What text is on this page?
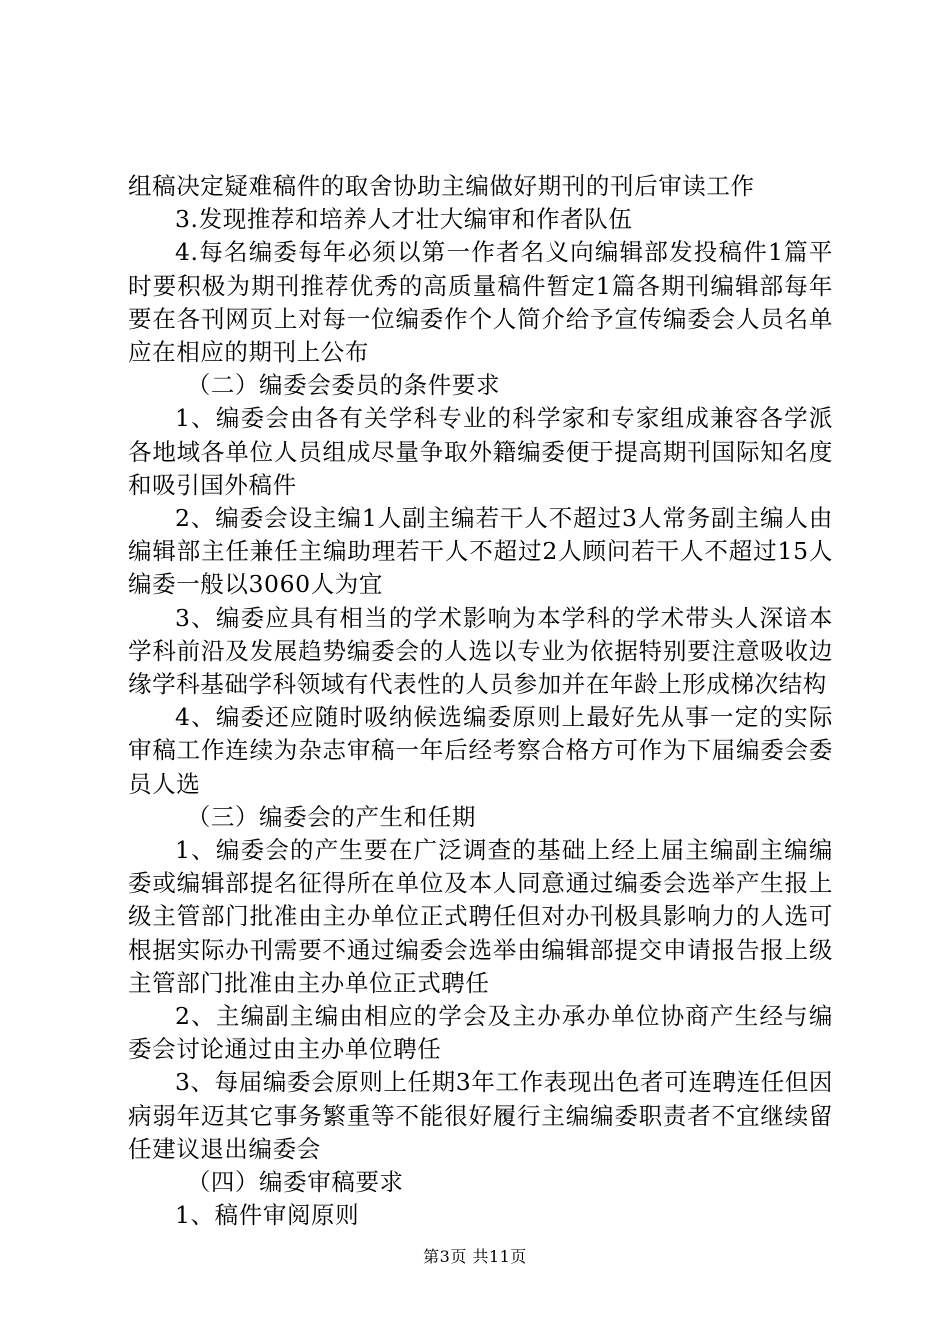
组稿决定疑难稿件的取舍协助主编做好期刊的刊后审读工作

3.发现推荐和培养人才壮大编审和作者队伍

4.每名编委每年必须以第一作者名义向编辑部发投稿件1篇平时要积极为期刊推荐优秀的高质量稿件暂定1篇各期刊编辑部每年要在各刊网页上对每一位编委作个人简介给予宣传编委会人员名单应在相应的期刊上公布

（二）编委会委员的条件要求

1、编委会由各有关学科专业的科学家和专家组成兼容各学派各地域各单位人员组成尽量争取外籍编委便于提高期刊国际知名度和吸引国外稿件

2、编委会设主编1人副主编若干人不超过3人常务副主编人由编辑部主任兼任主编助理若干人不超过2人顾问若干人不超过15人编委一般以3060人为宜

3、编委应具有相当的学术影响为本学科的学术带头人深谙本学科前沿及发展趋势编委会的人选以专业为依据特别要注意吸收边缘学科基础学科领域有代表性的人员参加并在年龄上形成梯次结构

4、编委还应随时吸纳候选编委原则上最好先从事一定的实际审稿工作连续为杂志审稿一年后经考察合格方可作为下届编委会委员人选

（三）编委会的产生和任期

1、编委会的产生要在广泛调查的基础上经上届主编副主编编委或编辑部提名征得所在单位及本人同意通过编委会选举产生报上级主管部门批准由主办单位正式聘任但对办刊极具影响力的人选可根据实际办刊需要不通过编委会选举由编辑部提交申请报告报上级主管部门批准由主办单位正式聘任

2、主编副主编由相应的学会及主办承办单位协商产生经与编委会讨论通过由主办单位聘任

3、每届编委会原则上任期3年工作表现出色者可连聘连任但因病弱年迈其它事务繁重等不能很好履行主编编委职责者不宜继续留任建议退出编委会

（四）编委审稿要求

1、稿件审阅原则

第3页 共11页
